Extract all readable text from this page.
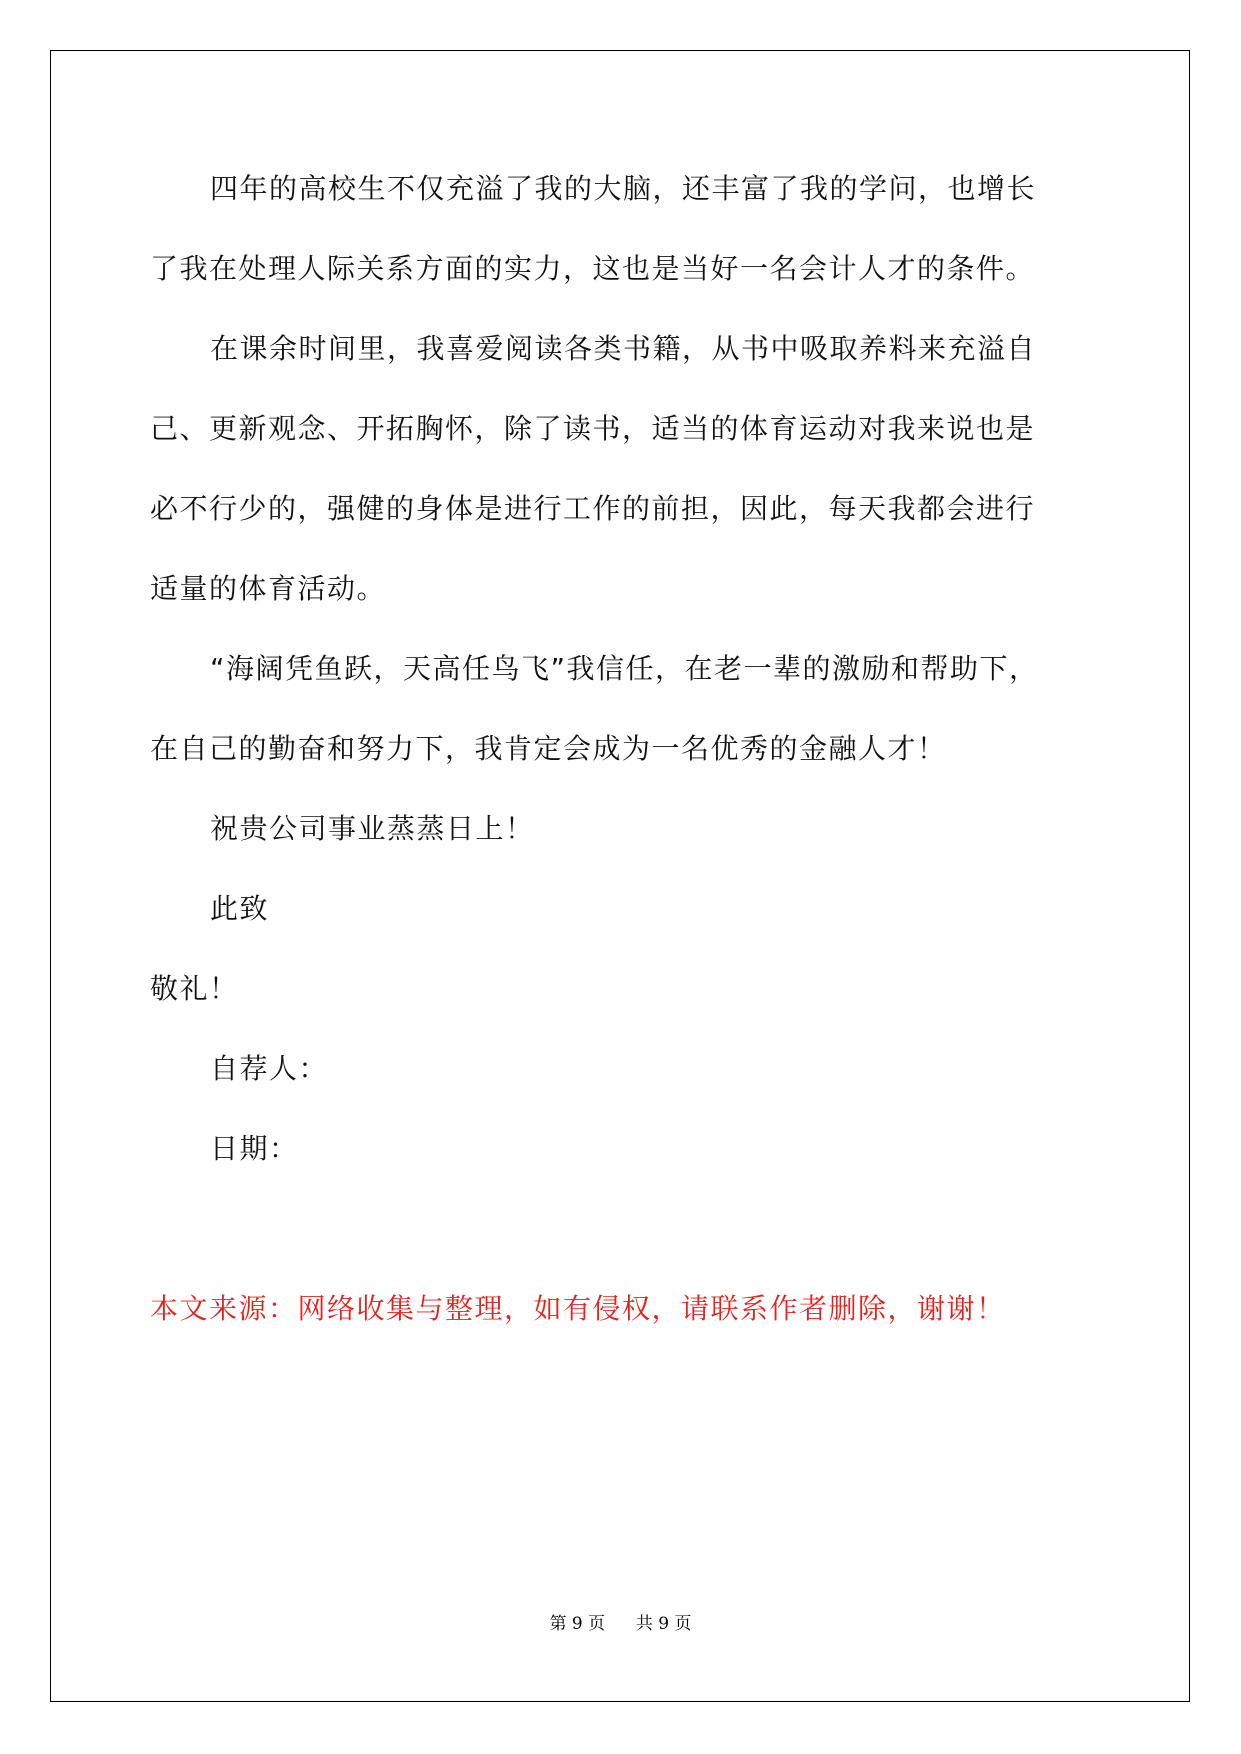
四年的高校生不仅充溢了我的大脑，还丰富了我的学问，也增长
了我在处理人际关系方面的实力，这也是当好一名会计人才的条件。
在课余时间里，我喜爱阅读各类书籍，从书中吸取养料来充溢自
己、更新观念、开拓胸怀，除了读书，适当的体育运动对我来说也是
必不行少的，强健的身体是进行工作的前担，因此，每天我都会进行
适量的体育活动。
“海阔凭鱼跃，天高任鸟飞”我信任，在老一辈的激励和帮助下，
在自己的勤奋和努力下，我肯定会成为一名优秀的金融人才！
祝贵公司事业蒸蒸日上！
此致
敬礼！
自荐人：
日期：
本文来源：网络收集与整理，如有侵权，请联系作者删除，谢谢！
第 9 页 共 9 页
